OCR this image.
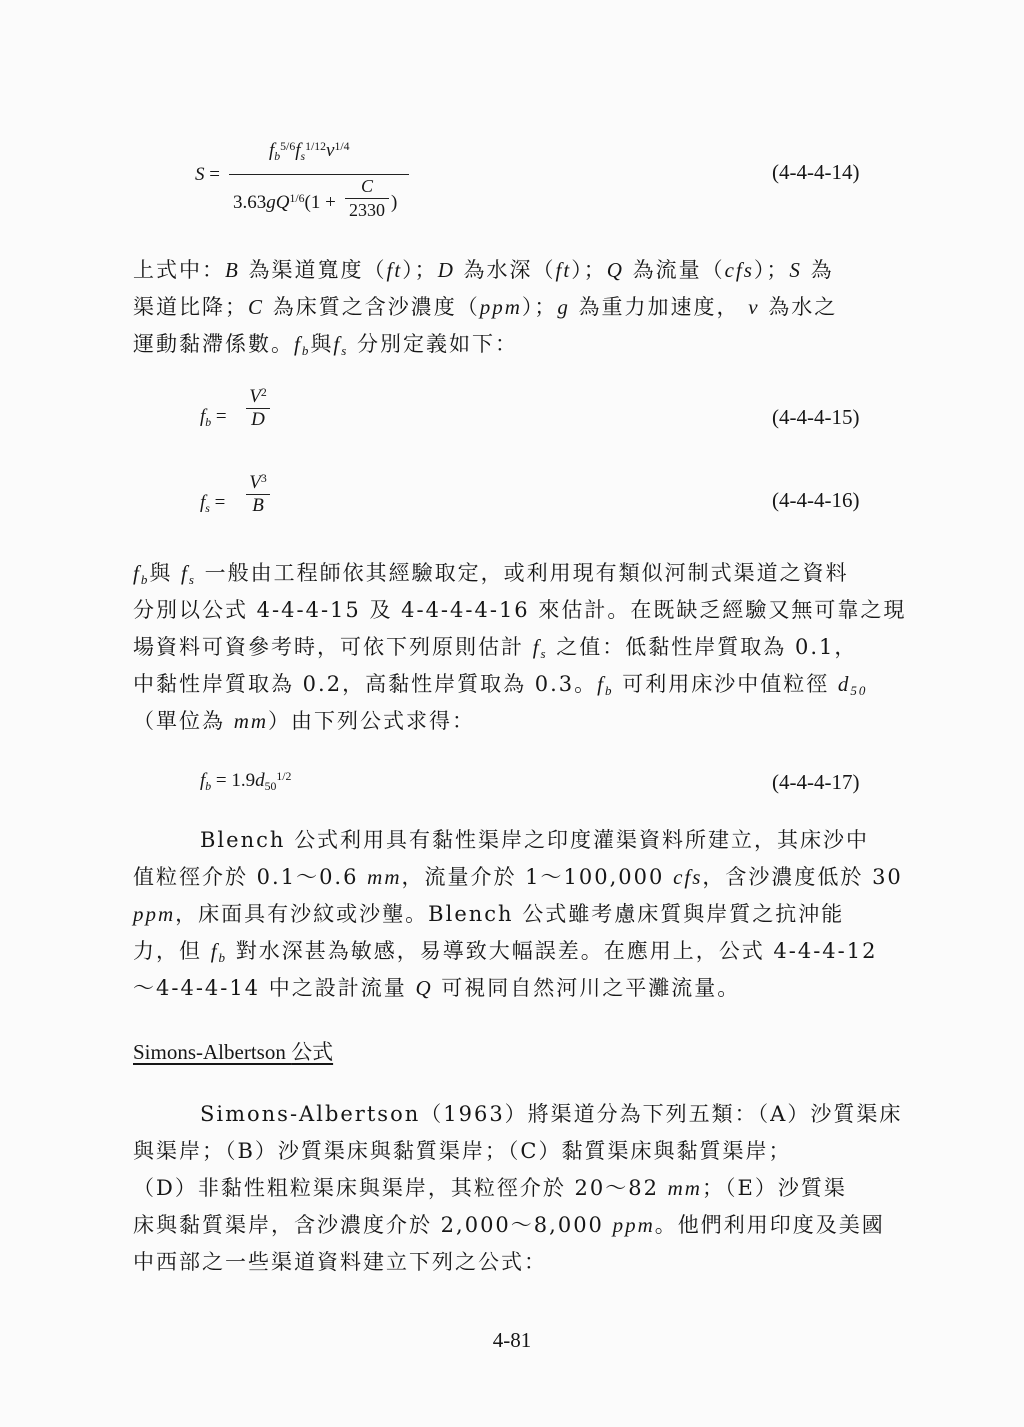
S =
$f_b^{5/6}f_s^{1/12}\nu^{1/4}$
$3.63gQ^{1/6}(1$ +
C
2330 )
(4-4-4-14)
上式中：B 為渠道寬度（ft）；D 為水深（ft）；Q 為流量（cfs）；S 為
渠道比降；C 為床質之含沙濃度（ppm）；g 為重力加速度， ν 為水之
運動黏滯係數。$f_b$與$f_s$ 分別定義如下：
$f_b$ =
$V^2$
D	(4-4-4-15)
$f_s$ =
$V^3$
B	(4-4-4-16)
$f_b$與 $f_s$ 一般由工程師依其經驗取定，或利用現有類似河制式渠道之資料
分別以公式 4-4-4-15 及 4-4-4-4-16 來估計。在既缺乏經驗又無可靠之現
場資料可資參考時，可依下列原則估計 $f_s$ 之值：低黏性岸質取為 0.1，
中黏性岸質取為 0.2，高黏性岸質取為 0.3。$f_b$ 可利用床沙中值粒徑 $d_{50}$
（單位為 mm）由下列公式求得：
$f_b = 1.9d_{50}^{1/2}$	(4-4-4-17)
Blench 公式利用具有黏性渠岸之印度灌渠資料所建立，其床沙中
值粒徑介於 0.1～0.6 mm，流量介於 1～100,000 cfs，含沙濃度低於 30
ppm，床面具有沙紋或沙壟。Blench 公式雖考慮床質與岸質之抗沖能
力，但 $f_b$ 對水深甚為敏感，易導致大幅誤差。在應用上，公式 4-4-4-12
～4-4-4-14 中之設計流量 Q 可視同自然河川之平灘流量。
Simons-Albertson 公式
Simons-Albertson（1963）將渠道分為下列五類：（A）沙質渠床
與渠岸；（B）沙質渠床與黏質渠岸；（C）黏質渠床與黏質渠岸；
（D）非黏性粗粒渠床與渠岸，其粒徑介於 20～82 mm；（E）沙質渠
床與黏質渠岸，含沙濃度介於 2,000～8,000 ppm。他們利用印度及美國
中西部之一些渠道資料建立下列之公式：
4-81
